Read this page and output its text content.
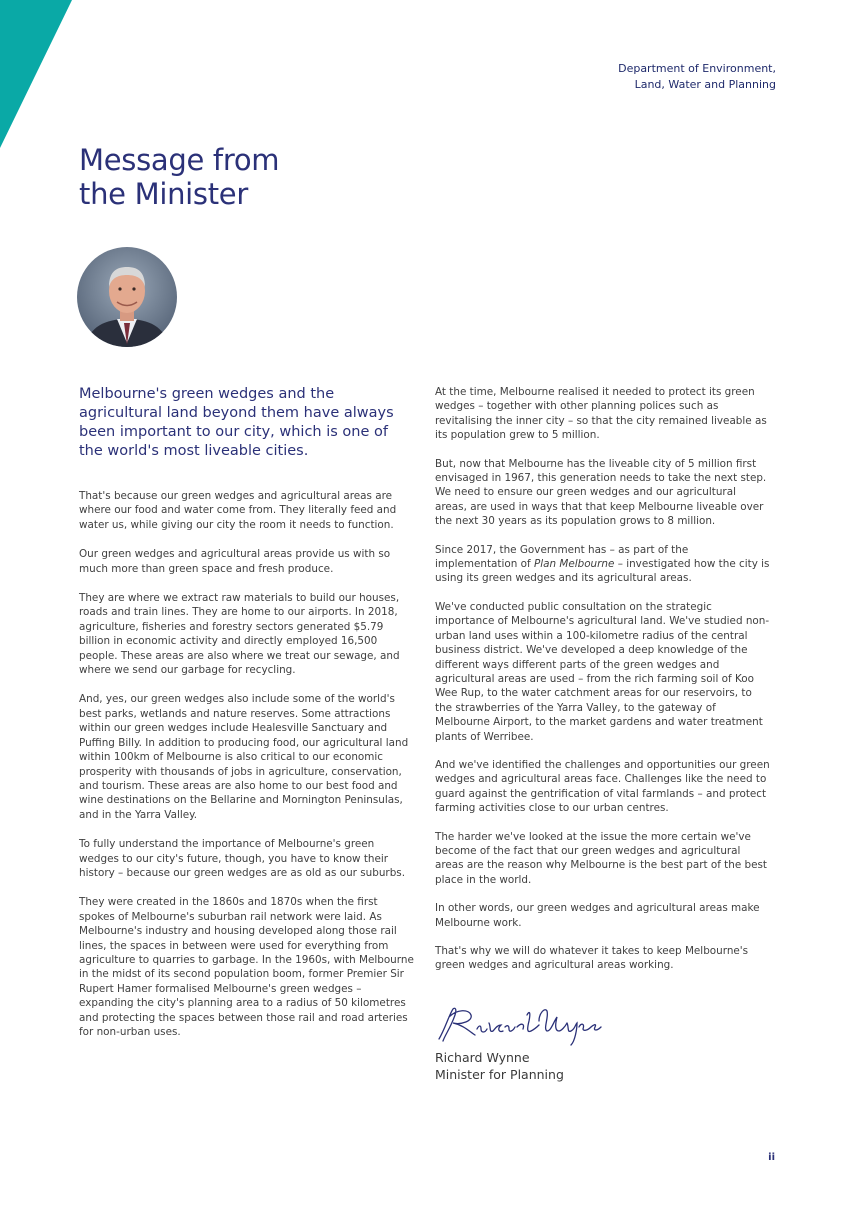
Department of Environment,
Land, Water and Planning
Message from
the Minister

Melbourne's green wedges and the agricultural land beyond them have always been important to our city, which is one of the world's most liveable cities.

That's because our green wedges and agricultural areas are where our food and water come from. They literally feed and water us, while giving our city the room it needs to function.

Our green wedges and agricultural areas provide us with so much more than green space and fresh produce.

They are where we extract raw materials to build our houses, roads and train lines. They are home to our airports. In 2018, agriculture, fisheries and forestry sectors generated $5.79 billion in economic activity and directly employed 16,500 people. These areas are also where we treat our sewage, and where we send our garbage for recycling.

And, yes, our green wedges also include some of the world's best parks, wetlands and nature reserves. Some attractions within our green wedges include Healesville Sanctuary and Puffing Billy. In addition to producing food, our agricultural land within 100km of Melbourne is also critical to our economic prosperity with thousands of jobs in agriculture, conservation, and tourism. These areas are also home to our best food and wine destinations on the Bellarine and Mornington Peninsulas, and in the Yarra Valley.

To fully understand the importance of Melbourne's green wedges to our city's future, though, you have to know their history – because our green wedges are as old as our suburbs.

They were created in the 1860s and 1870s when the first spokes of Melbourne's suburban rail network were laid. As Melbourne's industry and housing developed along those rail lines, the spaces in between were used for everything from agriculture to quarries to garbage. In the 1960s, with Melbourne in the midst of its second population boom, former Premier Sir Rupert Hamer formalised Melbourne's green wedges – expanding the city's planning area to a radius of 50 kilometres and protecting the spaces between those rail and road arteries for non-urban uses.

At the time, Melbourne realised it needed to protect its green wedges – together with other planning polices such as revitalising the inner city – so that the city remained liveable as its population grew to 5 million.

But, now that Melbourne has the liveable city of 5 million first envisaged in 1967, this generation needs to take the next step. We need to ensure our green wedges and our agricultural areas, are used in ways that that keep Melbourne liveable over the next 30 years as its population grows to 8 million.

Since 2017, the Government has – as part of the implementation of Plan Melbourne – investigated how the city is using its green wedges and its agricultural areas.

We've conducted public consultation on the strategic importance of Melbourne's agricultural land. We've studied non-urban land uses within a 100-kilometre radius of the central business district. We've developed a deep knowledge of the different ways different parts of the green wedges and agricultural areas are used – from the rich farming soil of Koo Wee Rup, to the water catchment areas for our reservoirs, to the strawberries of the Yarra Valley, to the gateway of Melbourne Airport, to the market gardens and water treatment plants of Werribee.

And we've identified the challenges and opportunities our green wedges and agricultural areas face. Challenges like the need to guard against the gentrification of vital farmlands – and protect farming activities close to our urban centres.

The harder we've looked at the issue the more certain we've become of the fact that our green wedges and agricultural areas are the reason why Melbourne is the best part of the best place in the world.

In other words, our green wedges and agricultural areas make Melbourne work.

That's why we will do whatever it takes to keep Melbourne's green wedges and agricultural areas working.

Richard Wynne
Minister for Planning
ii
